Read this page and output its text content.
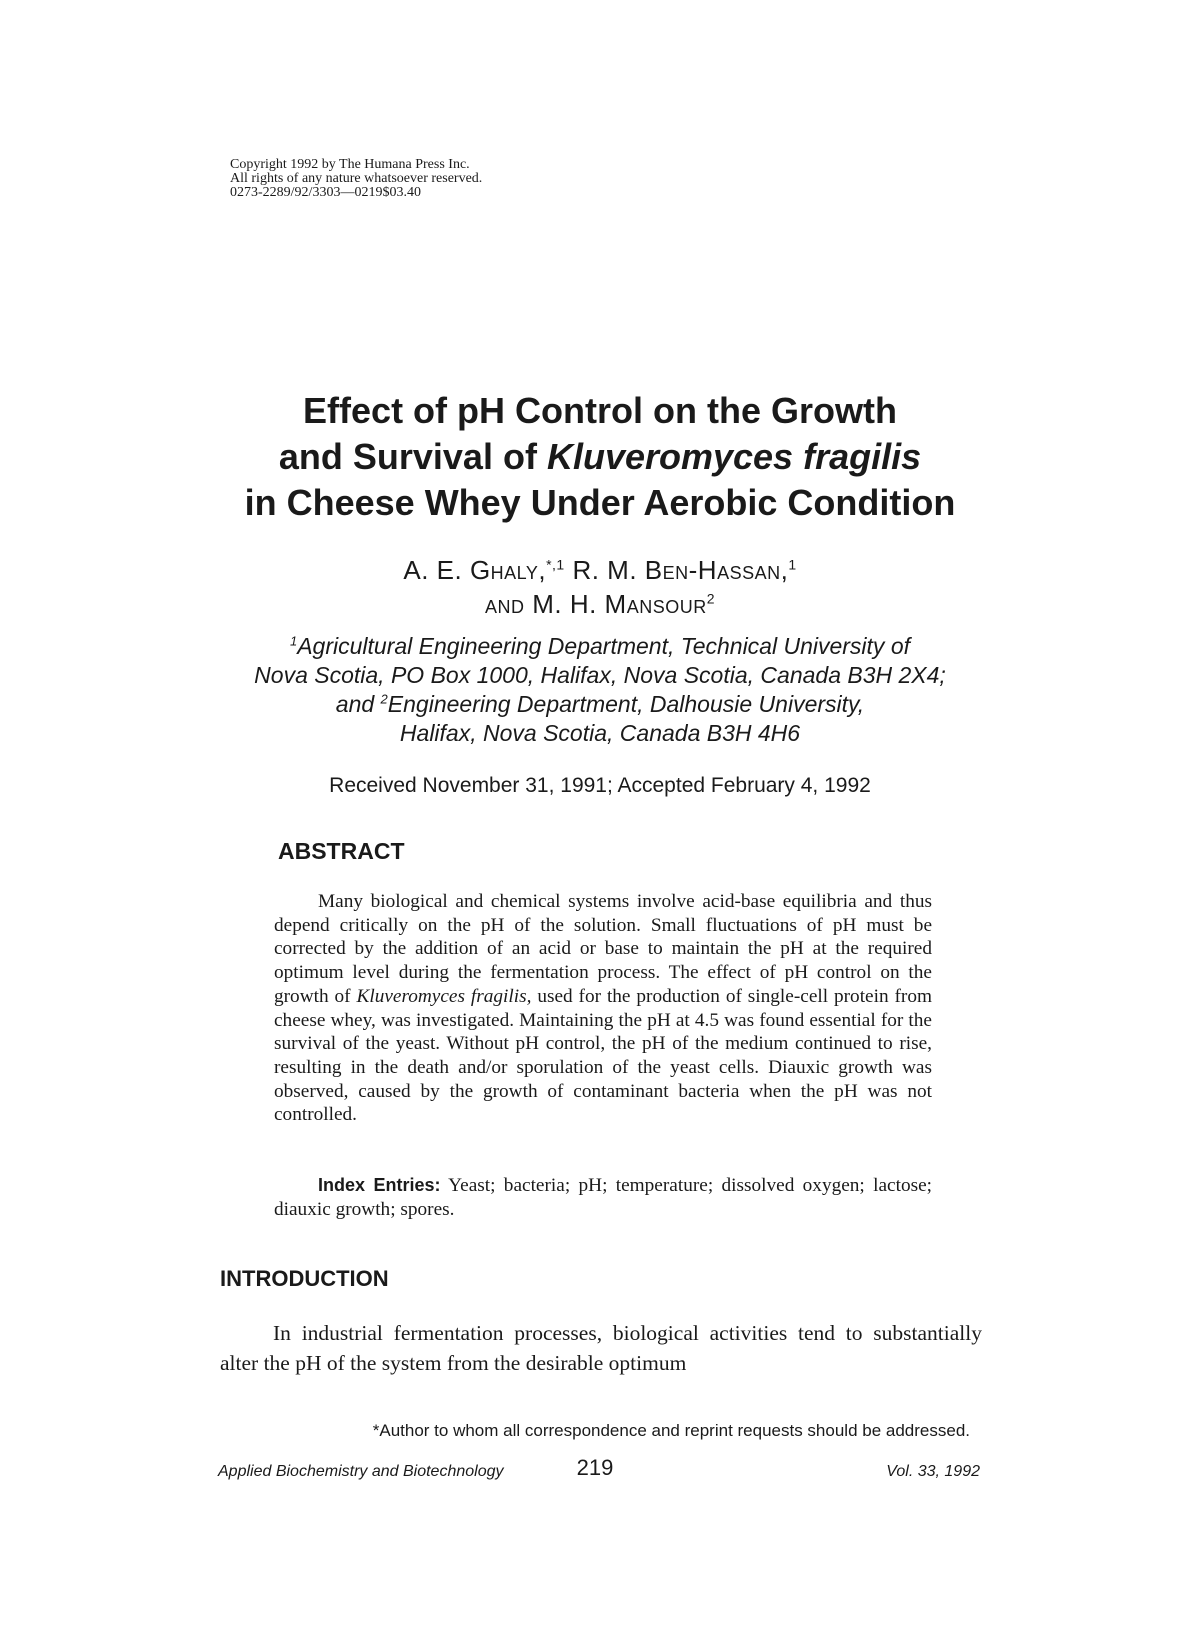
Copyright 1992 by The Humana Press Inc.
All rights of any nature whatsoever reserved.
0273-2289/92/3303—0219$03.40
Effect of pH Control on the Growth
and Survival of Kluveromyces fragilis
in Cheese Whey Under Aerobic Condition
A. E. Ghaly,$^{*,1}$ R. M. Ben-Hassan,$^1$
and M. H. Mansour$^2$
$^1$Agricultural Engineering Department, Technical University of
Nova Scotia, PO Box 1000, Halifax, Nova Scotia, Canada B3H 2X4;
and $^2$Engineering Department, Dalhousie University,
Halifax, Nova Scotia, Canada B3H 4H6
Received November 31, 1991; Accepted February 4, 1992
ABSTRACT
Many biological and chemical systems involve acid-base equilibria and thus depend critically on the pH of the solution. Small fluctuations of pH must be corrected by the addition of an acid or base to maintain the pH at the required optimum level during the fermentation process. The effect of pH control on the growth of Kluveromyces fragilis, used for the production of single-cell protein from cheese whey, was investigated. Maintaining the pH at 4.5 was found essential for the survival of the yeast. Without pH control, the pH of the medium continued to rise, resulting in the death and/or sporulation of the yeast cells. Diauxic growth was observed, caused by the growth of contaminant bacteria when the pH was not controlled.
Index Entries: Yeast; bacteria; pH; temperature; dissolved oxygen; lactose; diauxic growth; spores.
INTRODUCTION
In industrial fermentation processes, biological activities tend to substantially alter the pH of the system from the desirable optimum
*Author to whom all correspondence and reprint requests should be addressed.
Applied Biochemistry and Biotechnology	219	Vol. 33, 1992
